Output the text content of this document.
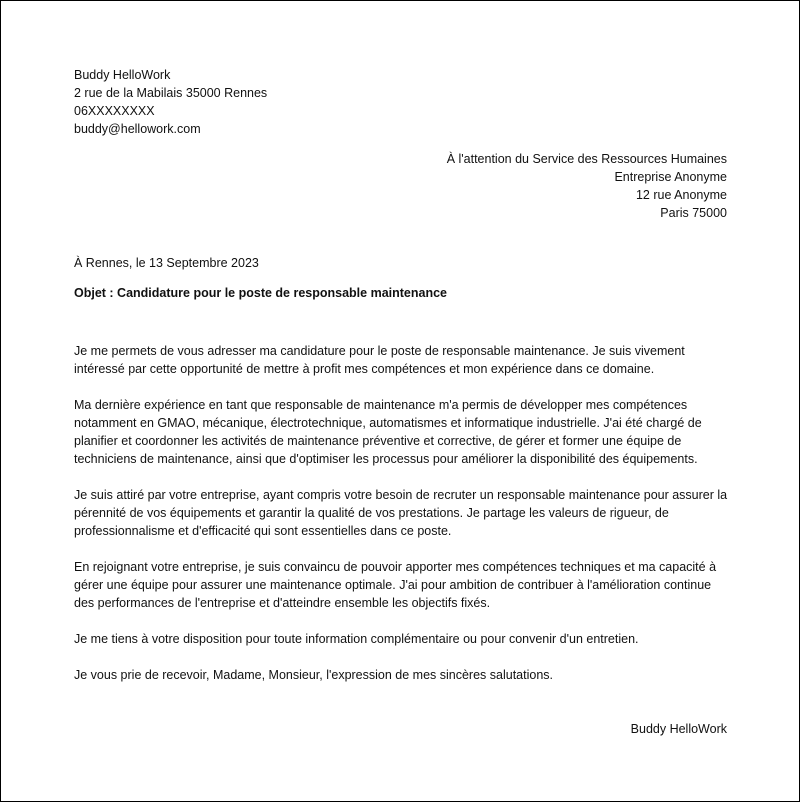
Buddy HelloWork
2 rue de la Mabilais 35000 Rennes
06XXXXXXXX
buddy@hellowork.com
À l'attention du Service des Ressources Humaines
Entreprise Anonyme
12 rue Anonyme
Paris 75000
À Rennes, le 13 Septembre 2023
Objet : Candidature pour le poste de responsable maintenance

Je me permets de vous adresser ma candidature pour le poste de responsable maintenance. Je suis vivement intéressé par cette opportunité de mettre à profit mes compétences et mon expérience dans ce domaine.

Ma dernière expérience en tant que responsable de maintenance m'a permis de développer mes compétences notamment en GMAO, mécanique, électrotechnique, automatismes et informatique industrielle. J'ai été chargé de planifier et coordonner les activités de maintenance préventive et corrective, de gérer et former une équipe de techniciens de maintenance, ainsi que d'optimiser les processus pour améliorer la disponibilité des équipements.

Je suis attiré par votre entreprise, ayant compris votre besoin de recruter un responsable maintenance pour assurer la pérennité de vos équipements et garantir la qualité de vos prestations. Je partage les valeurs de rigueur, de professionnalisme et d'efficacité qui sont essentielles dans ce poste.

En rejoignant votre entreprise, je suis convaincu de pouvoir apporter mes compétences techniques et ma capacité à gérer une équipe pour assurer une maintenance optimale. J'ai pour ambition de contribuer à l'amélioration continue des performances de l'entreprise et d'atteindre ensemble les objectifs fixés.

Je me tiens à votre disposition pour toute information complémentaire ou pour convenir d'un entretien.

Je vous prie de recevoir, Madame, Monsieur, l'expression de mes sincères salutations.

Buddy HelloWork
